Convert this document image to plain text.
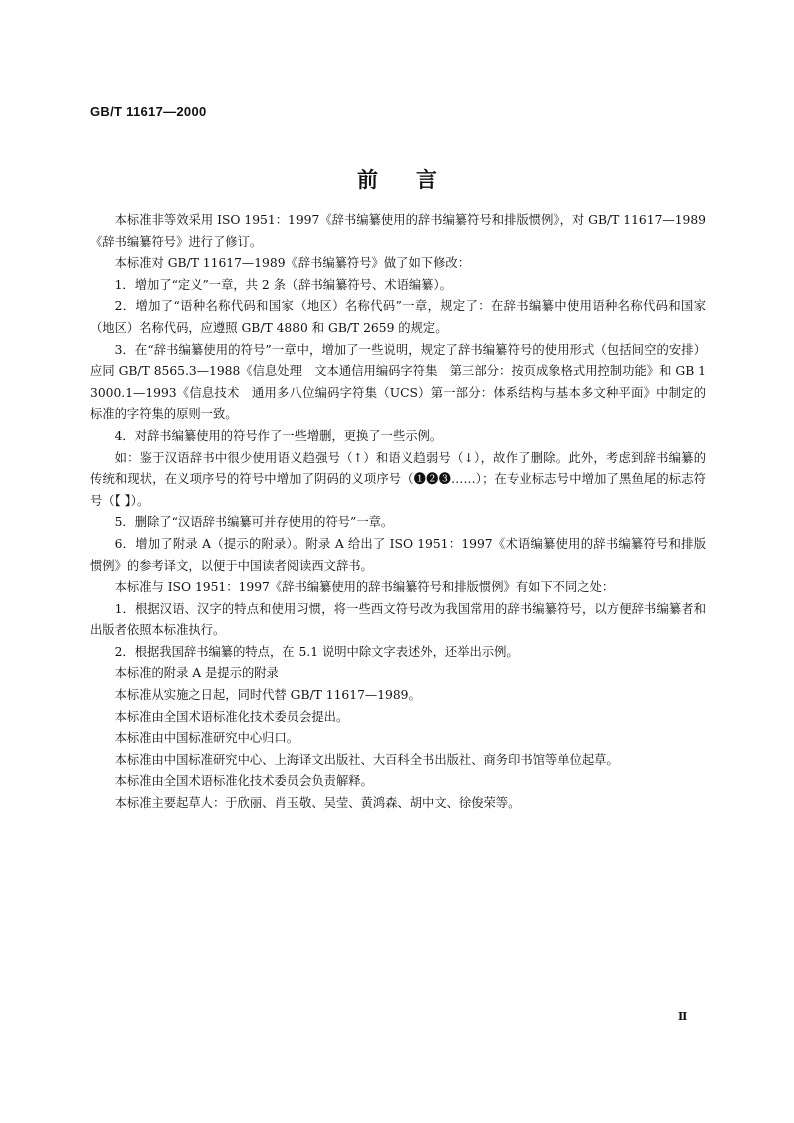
GB/T 11617—2000
前言

本标准非等效采用 ISO 1951：1997《辞书编纂使用的辞书编纂符号和排版惯例》，对 GB/T 11617—1989《辞书编纂符号》进行了修订。

本标准对 GB/T 11617—1989《辞书编纂符号》做了如下修改：

1．增加了“定义”一章，共 2 条（辞书编纂符号、术语编纂）。

2．增加了“语种名称代码和国家（地区）名称代码”一章，规定了：在辞书编纂中使用语种名称代码和国家（地区）名称代码，应遵照 GB/T 4880 和 GB/T 2659 的规定。

3．在“辞书编纂使用的符号”一章中，增加了一些说明，规定了辞书编纂符号的使用形式（包括间空的安排）应同 GB/T 8565.3—1988《信息处理　文本通信用编码字符集　第三部分：按页成象格式用控制功能》和 GB 13000.1—1993《信息技术　通用多八位编码字符集（UCS）第一部分：体系结构与基本多文种平面》中制定的标准的字符集的原则一致。

4．对辞书编纂使用的符号作了一些增删，更换了一些示例。

如：鉴于汉语辞书中很少使用语义趋强号（↑）和语义趋弱号（↓），故作了删除。此外，考虑到辞书编纂的传统和现状，在义项序号的符号中增加了阴码的义项序号（❶❷❸……）；在专业标志号中增加了黑鱼尾的标志符号（【 】）。

5．删除了“汉语辞书编纂可并存使用的符号”一章。

6．增加了附录 A（提示的附录）。附录 A 给出了 ISO 1951：1997《术语编纂使用的辞书编纂符号和排版惯例》的参考译文，以便于中国读者阅读西文辞书。

本标准与 ISO 1951：1997《辞书编纂使用的辞书编纂符号和排版惯例》有如下不同之处：

1．根据汉语、汉字的特点和使用习惯，将一些西文符号改为我国常用的辞书编纂符号，以方便辞书编纂者和出版者依照本标准执行。

2．根据我国辞书编纂的特点，在 5.1 说明中除文字表述外，还举出示例。

本标准的附录 A 是提示的附录

本标准从实施之日起，同时代替 GB/T 11617—1989。

本标准由全国术语标准化技术委员会提出。

本标准由中国标准研究中心归口。

本标准由中国标准研究中心、上海译文出版社、大百科全书出版社、商务印书馆等单位起草。

本标准由全国术语标准化技术委员会负责解释。

本标准主要起草人：于欣丽、肖玉敬、吴莹、黄鸿森、胡中文、徐俊荣等。

Ⅱ
